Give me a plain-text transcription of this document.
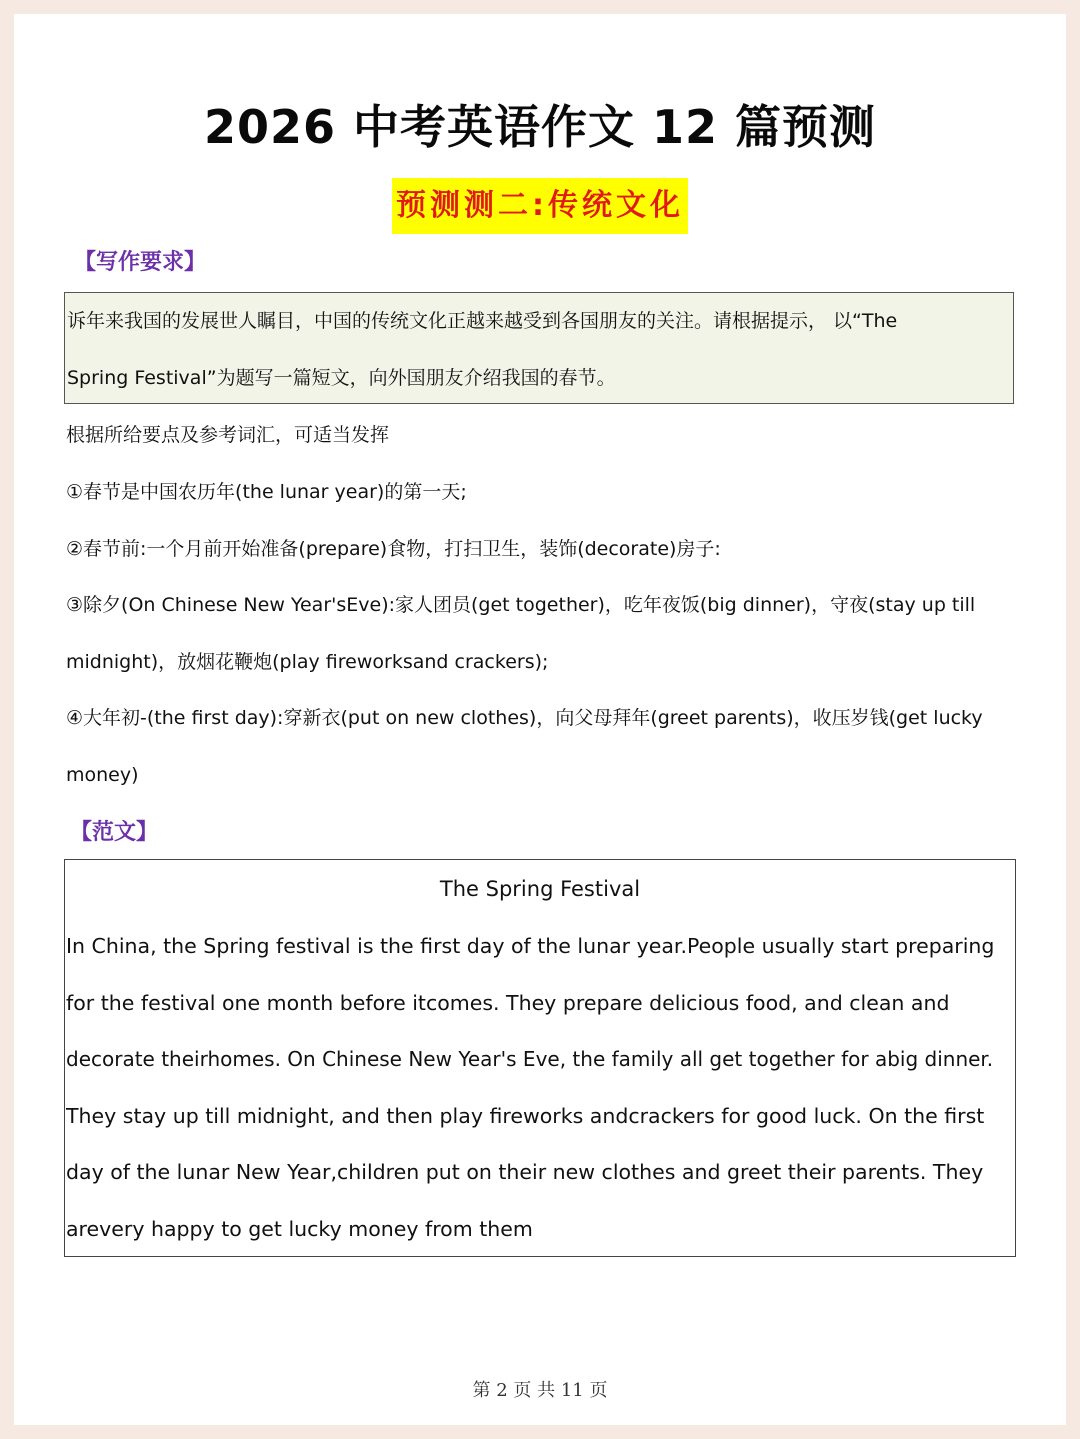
2026 中考英语作文 12 篇预测
预测测二:传统文化
【写作要求】
诉年来我国的发展世人瞩目，中国的传统文化正越来越受到各国朋友的关注。请根据提示， 以“The
Spring Festival”为题写一篇短文，向外国朋友介绍我国的春节。
根据所给要点及参考词汇，可适当发挥
①春节是中国农历年(the lunar year)的第一天;
②春节前:一个月前开始准备(prepare)食物，打扫卫生，装饰(decorate)房子:
③除夕(On Chinese New Year'sEve):家人团员(get together)，吃年夜饭(big dinner)，守夜(stay up till
midnight)，放烟花鞭炮(play fireworksand crackers);
④大年初-(the first day):穿新衣(put on new clothes)，向父母拜年(greet parents)，收压岁钱(get lucky
money)
【范文】
The Spring Festival
In China, the Spring festival is the first day of the lunar year.People usually start preparing
for the festival one month before itcomes. They prepare delicious food, and clean and
decorate theirhomes. On Chinese New Year's Eve, the family all get together for abig dinner.
They stay up till midnight, and then play fireworks andcrackers for good luck. On the first
day of the lunar New Year,children put on their new clothes and greet their parents. They
arevery happy to get lucky money from them
第 2 页 共 11 页
